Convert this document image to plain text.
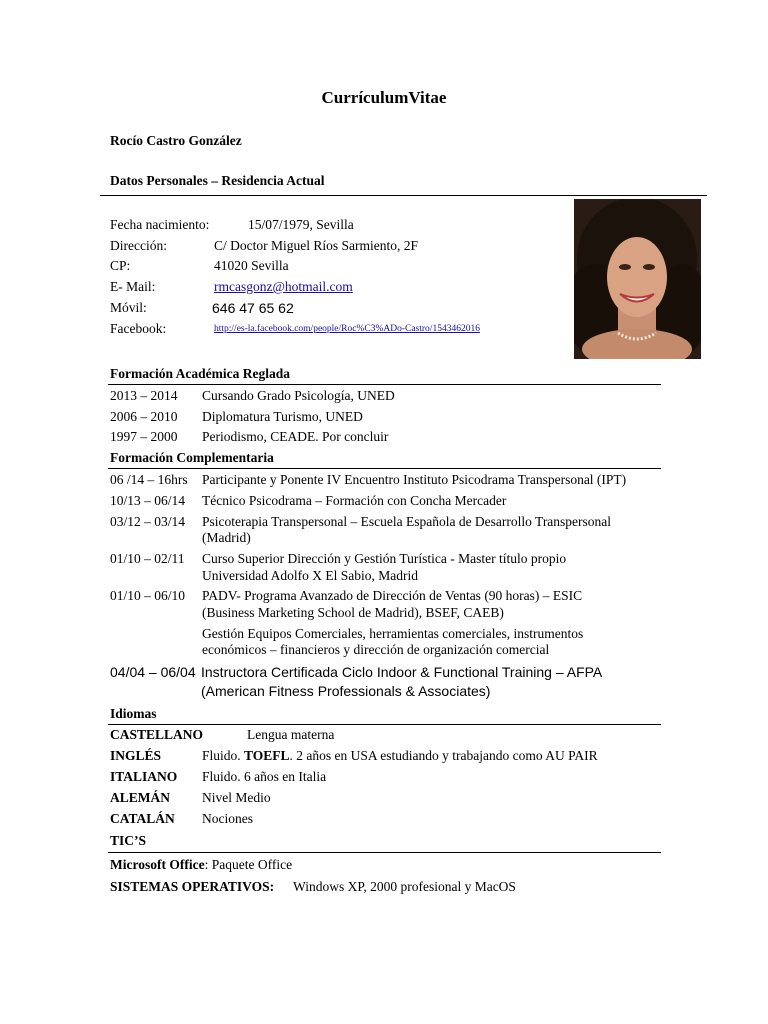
CurrículumVitae
Rocío Castro González
Datos Personales – Residencia Actual
Fecha nacimiento:	15/07/1979, Sevilla
Dirección:	C/ Doctor Miguel Ríos Sarmiento, 2F
CP:	41020 Sevilla
E- Mail:	rmcasgonz@hotmail.com
Móvil:	646 47 65 62
Facebook:	http://es-la.facebook.com/people/Roc%C3%ADo-Castro/1543462016
Formación Académica Reglada
2013 – 2014 Cursando Grado Psicología, UNED
2006 – 2010 Diplomatura Turismo, UNED
1997 – 2000 Periodismo, CEADE. Por concluir
Formación Complementaria
06 /14 – 16hrs Participante y Ponente IV Encuentro Instituto Psicodrama Transpersonal (IPT)
10/13 – 06/14 Técnico Psicodrama – Formación con Concha Mercader
03/12 – 03/14 Psicoterapia Transpersonal – Escuela Española de Desarrollo Transpersonal
(Madrid)
01/10 – 02/11 Curso Superior Dirección y Gestión Turística - Master título propio
Universidad Adolfo X El Sabio, Madrid
01/10 – 06/10 PADV- Programa Avanzado de Dirección de Ventas (90 horas) – ESIC
(Business Marketing School de Madrid), BSEF, CAEB)
Gestión Equipos Comerciales, herramientas comerciales, instrumentos
económicos – financieros y dirección de organización comercial
04/04 – 06/04 Instructora Certificada Ciclo Indoor & Functional Training – AFPA
(American Fitness Professionals & Associates)
Idiomas
CASTELLANO	Lengua materna
INGLÉS	Fluido. TOEFL. 2 años en USA estudiando y trabajando como AU PAIR
ITALIANO Fluido. 6 años en Italia
ALEMÁN Nivel Medio
CATALÁN Nociones
TIC’S
Microsoft Office: Paquete Office
SISTEMAS OPERATIVOS: Windows XP, 2000 profesional y MacOS
